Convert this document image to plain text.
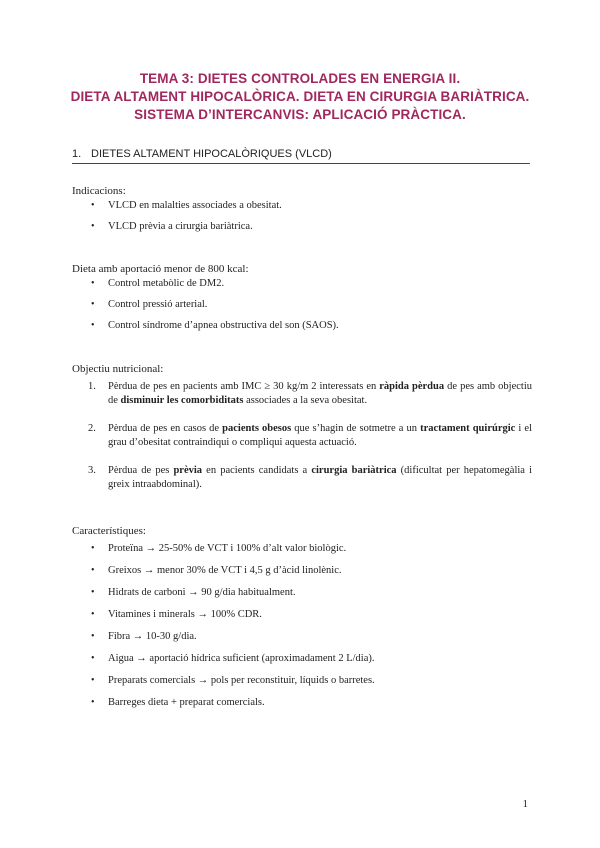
TEMA 3: DIETES CONTROLADES EN ENERGIA II.
DIETA ALTAMENT HIPOCALÒRICA. DIETA EN CIRURGIA BARIÀTRICA.
SISTEMA D’INTERCANVIS: APLICACIÓ PRÀCTICA.
1. DIETES ALTAMENT HIPOCALÒRIQUES (VLCD)
Indicacions:
• VLCD en malalties associades a obesitat.
• VLCD prèvia a cirurgia bariàtrica.
Dieta amb aportació menor de 800 kcal:
• Control metabòlic de DM2.
• Control pressió arterial.
• Control síndrome d’apnea obstructiva del son (SAOS).
Objectiu nutricional:
1. Pèrdua de pes en pacients amb IMC ≥ 30 kg/m 2 interessats en ràpida pèrdua de pes amb objectiu de disminuir les comorbiditats associades a la seva obesitat.
2. Pèrdua de pes en casos de pacients obesos que s’hagin de sotmetre a un tractament quirúrgic i el grau d’obesitat contraindiqui o compliqui aquesta actuació.
3. Pèrdua de pes prèvia en pacients candidats a cirurgia bariàtrica (dificultat per hepatomegàlia i greix intraabdominal).
Característiques:
• Proteïna → 25-50% de VCT i 100% d’alt valor biològic.
• Greixos → menor 30% de VCT i 4,5 g d’àcid linolènic.
• Hidrats de carboni → 90 g/dia habitualment.
• Vitamines i minerals → 100% CDR.
• Fibra → 10-30 g/dia.
• Aigua → aportació hídrica suficient (aproximadament 2 L/dia).
• Preparats comercials → pols per reconstituir, líquids o barretes.
• Barreges dieta + preparat comercials.
1
